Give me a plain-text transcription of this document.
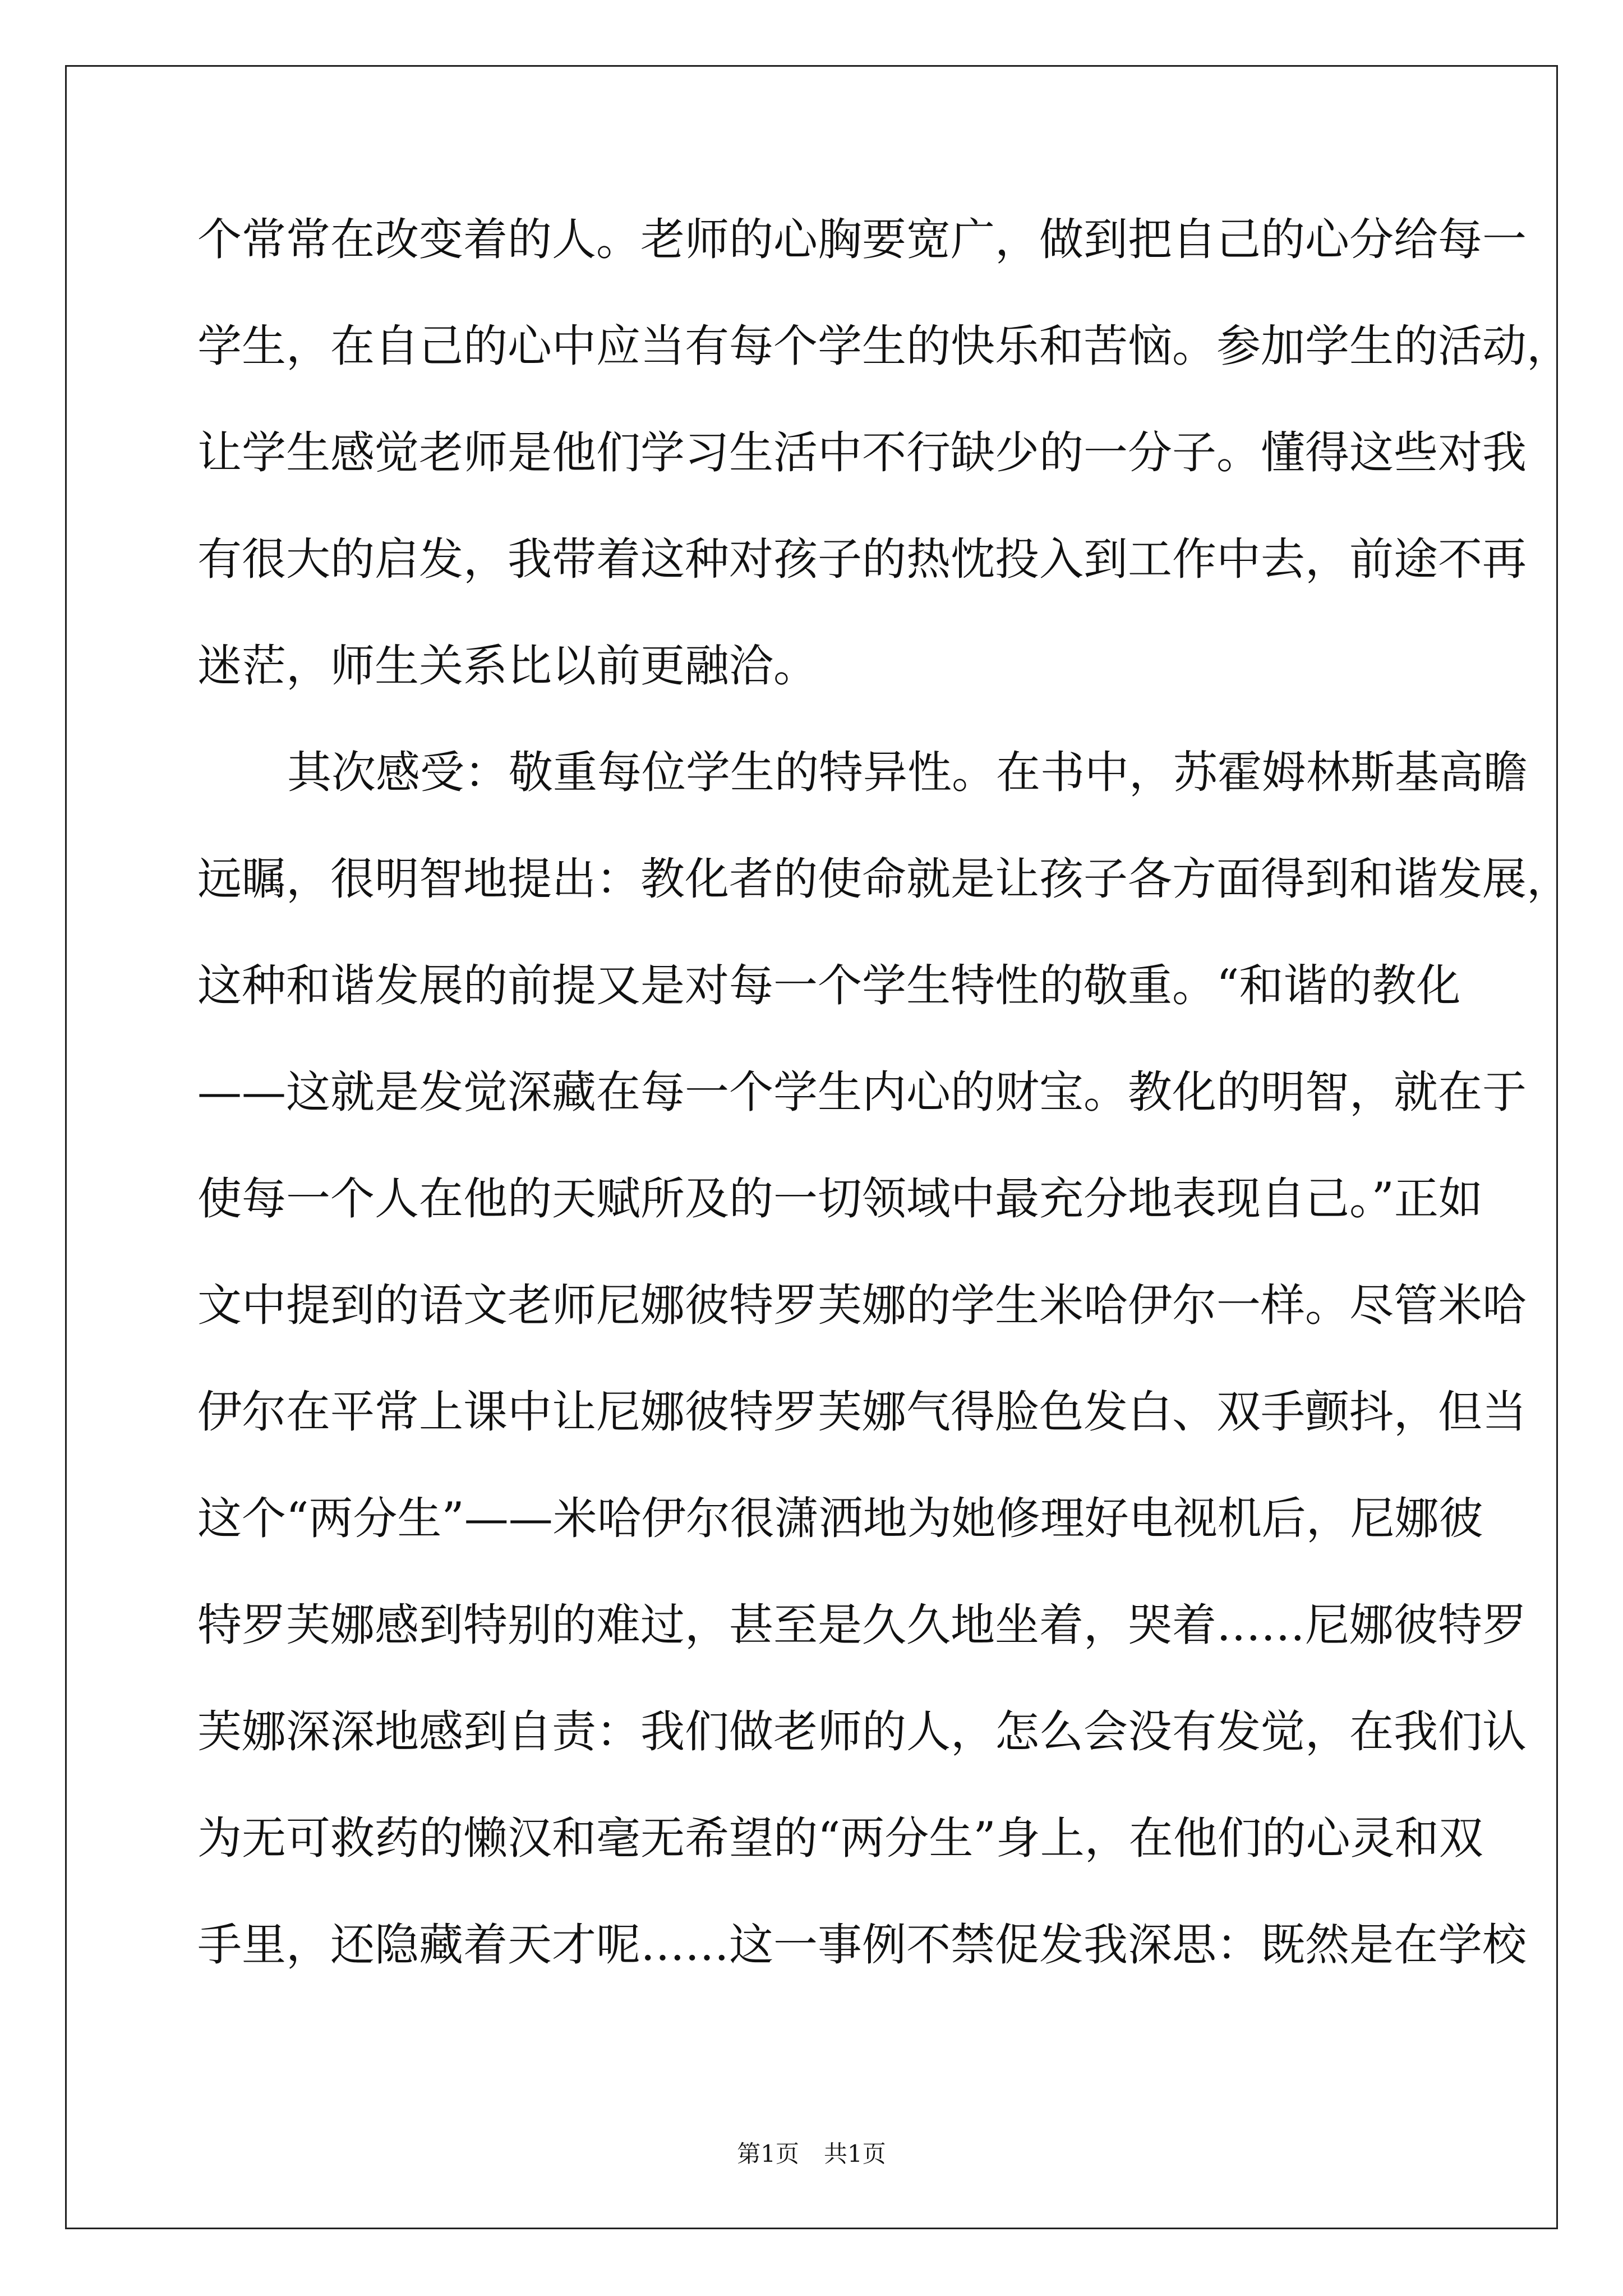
个常常在改变着的人。老师的心胸要宽广，做到把自己的心分给每一
学生，在自己的心中应当有每个学生的快乐和苦恼。参加学生的活动，
让学生感觉老师是他们学习生活中不行缺少的一分子。懂得这些对我
有很大的启发，我带着这种对孩子的热忱投入到工作中去，前途不再
迷茫，师生关系比以前更融洽。
其次感受：敬重每位学生的特异性。在书中，苏霍姆林斯基高瞻
远瞩，很明智地提出：教化者的使命就是让孩子各方面得到和谐发展，
这种和谐发展的前提又是对每一个学生特性的敬重。“和谐的教化
——这就是发觉深藏在每一个学生内心的财宝。教化的明智，就在于
使每一个人在他的天赋所及的一切领域中最充分地表现自己。”正如
文中提到的语文老师尼娜彼特罗芙娜的学生米哈伊尔一样。尽管米哈
伊尔在平常上课中让尼娜彼特罗芙娜气得脸色发白、双手颤抖，但当
这个“两分生”——米哈伊尔很潇洒地为她修理好电视机后，尼娜彼
特罗芙娜感到特别的难过，甚至是久久地坐着，哭着……尼娜彼特罗
芙娜深深地感到自责：我们做老师的人，怎么会没有发觉，在我们认
为无可救药的懒汉和毫无希望的“两分生”身上，在他们的心灵和双
手里，还隐藏着天才呢……这一事例不禁促发我深思：既然是在学校
第1页 共1页
